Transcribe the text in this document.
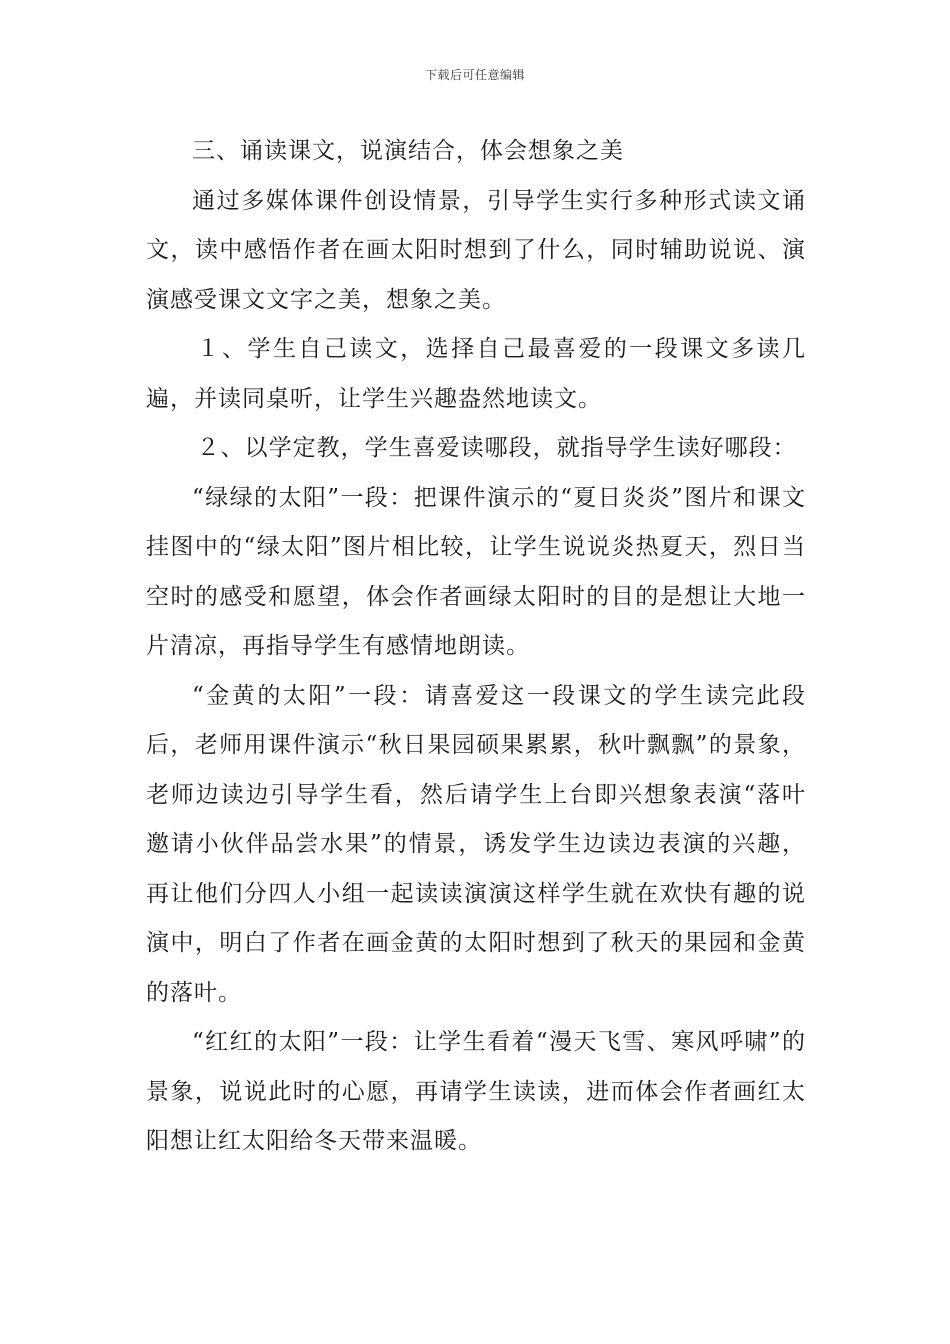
下载后可任意编辑

三、诵读课文，说演结合，体会想象之美

通过多媒体课件创设情景，引导学生实行多种形式读文诵文，读中感悟作者在画太阳时想到了什么，同时辅助说说、演演感受课文文字之美，想象之美。

１、学生自己读文，选择自己最喜爱的一段课文多读几遍，并读同桌听，让学生兴趣盎然地读文。

２、以学定教，学生喜爱读哪段，就指导学生读好哪段：

“绿绿的太阳”一段：把课件演示的“夏日炎炎”图片和课文挂图中的“绿太阳”图片相比较，让学生说说炎热夏天，烈日当空时的感受和愿望，体会作者画绿太阳时的目的是想让大地一片清凉，再指导学生有感情地朗读。

“金黄的太阳”一段：请喜爱这一段课文的学生读完此段后，老师用课件演示“秋日果园硕果累累，秋叶飘飘”的景象，老师边读边引导学生看，然后请学生上台即兴想象表演“落叶邀请小伙伴品尝水果”的情景，诱发学生边读边表演的兴趣，再让他们分四人小组一起读读演演这样学生就在欢快有趣的说演中，明白了作者在画金黄的太阳时想到了秋天的果园和金黄的落叶。

“红红的太阳”一段：让学生看着“漫天飞雪、寒风呼啸”的景象，说说此时的心愿，再请学生读读，进而体会作者画红太阳想让红太阳给冬天带来温暖。
